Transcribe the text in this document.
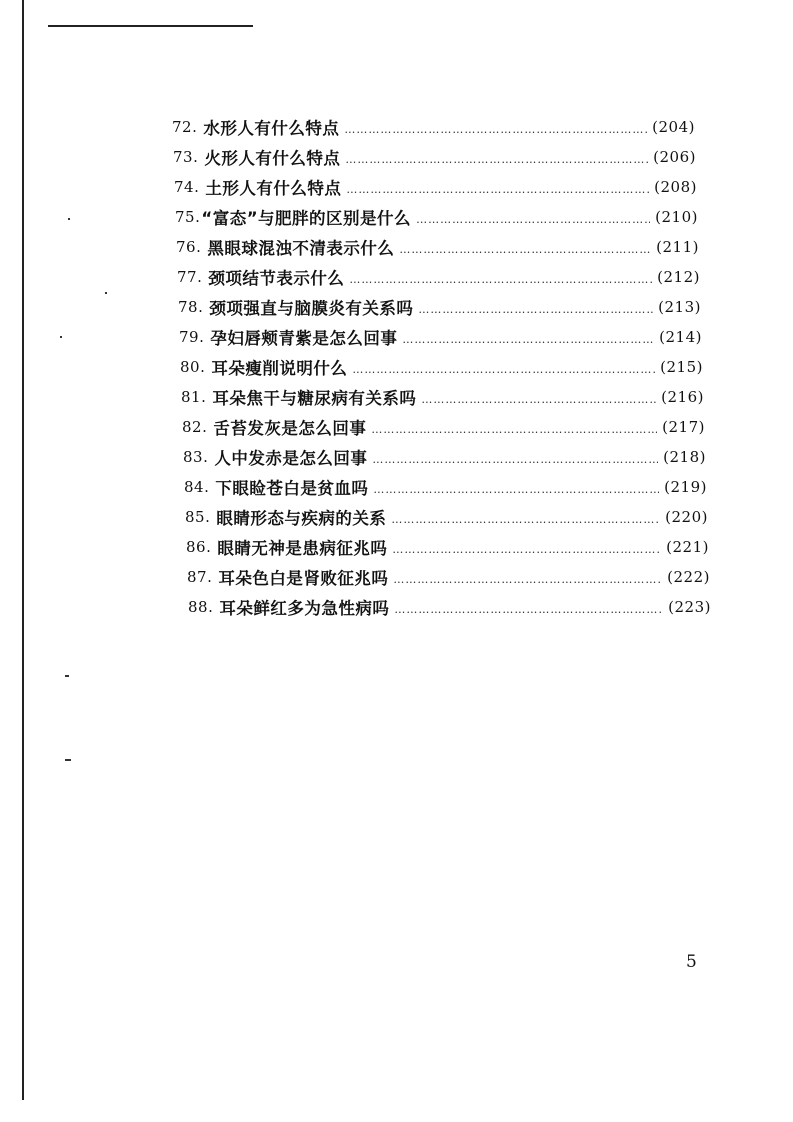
72. 水形人有什么特点 ………………………………………………………………………………………………	(204)
73. 火形人有什么特点 ………………………………………………………………………………………………	(206)
74. 土形人有什么特点 ………………………………………………………………………………………………	(208)
75. “富态”与肥胖的区别是什么 ………………………………………………………………………………………………	(210)
76. 黑眼球混浊不清表示什么 ………………………………………………………………………………………………	(211)
77. 颈项结节表示什么 ………………………………………………………………………………………………	(212)
78. 颈项强直与脑膜炎有关系吗 ………………………………………………………………………………………………	(213)
79. 孕妇唇颊青紫是怎么回事 ………………………………………………………………………………………………	(214)
80. 耳朵瘦削说明什么 ………………………………………………………………………………………………	(215)
81. 耳朵焦干与糖尿病有关系吗 ………………………………………………………………………………………………	(216)
82. 舌苔发灰是怎么回事 ………………………………………………………………………………………………	(217)
83. 人中发赤是怎么回事 ………………………………………………………………………………………………	(218)
84. 下眼睑苍白是贫血吗 ………………………………………………………………………………………………	(219)
85. 眼睛形态与疾病的关系 ………………………………………………………………………………………………	(220)
86. 眼睛无神是患病征兆吗 ………………………………………………………………………………………………	(221)
87. 耳朵色白是肾败征兆吗 ………………………………………………………………………………………………	(222)
88. 耳朵鲜红多为急性病吗 ………………………………………………………………………………………………	(223)
5
